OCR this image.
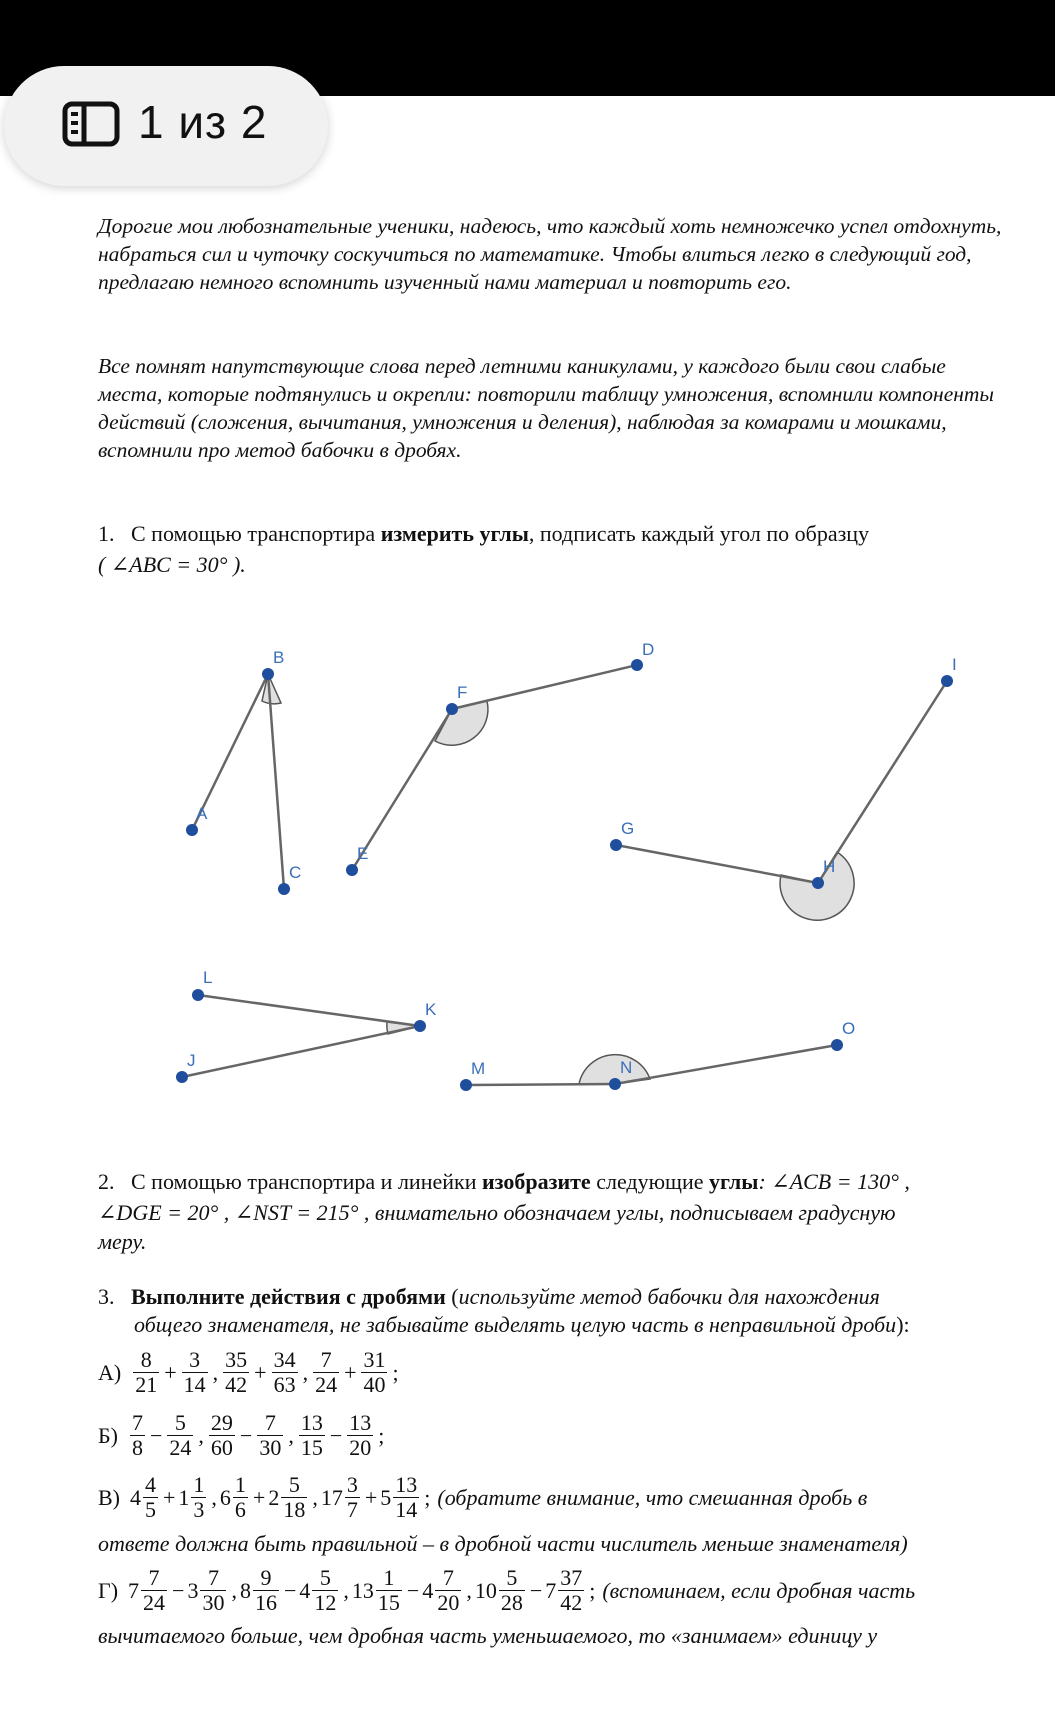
1 из 2
Дорогие мои любознательные ученики, надеюсь, что каждый хоть немножечко успел отдохнуть, набраться сил и чуточку соскучиться по математике. Чтобы влиться легко в следующий год, предлагаю немного вспомнить изученный нами материал и повторить его.
Все помнят напутствующие слова перед летними каникулами, у каждого были свои слабые места, которые подтянулись и окрепли: повторили таблицу умножения, вспомнили компоненты действий (сложения, вычитания, умножения и деления), наблюдая за комарами и мошками, вспомнили про метод бабочки в дробях.
1. С помощью транспортира измерить углы, подписать каждый угол по образцу
( ∠ABC = 30° ).
A
B
C
D
E
F
G
H
I
J
K
L
M	N
O
2. С помощью транспортира и линейки изобразите следующие углы: ∠ACB = 130° ,
∠DGE = 20° , ∠NST = 215° , внимательно обозначаем углы, подписываем градусную
меру.
3. Выполните действия с дробями (используйте метод бабочки для нахождения
общего знаменателя, не забывайте выделять целую часть в неправильной дроби):
$А) \frac{8}{21} + \frac{3}{14}$ , $\frac{35}{42} + \frac{34}{63}$ , $\frac{7}{24} + \frac{31}{40}$ ;
$Б) \frac{7}{8} - \frac{5}{24}$ , $\frac{29}{60} - \frac{7}{30}$ , $\frac{13}{15} - \frac{13}{20}$ ;
В) $4 \frac{4}{5} + 1 \frac{1}{3}$ , $6 \frac{1}{6} + 2 \frac{5}{18}$ , $17 \frac{3}{7} + 5 \frac{13}{14}$ ; (обратите внимание, что смешанная дробь в
ответе должна быть правильной – в дробной части числитель меньше знаменателя)
Г) $7 \frac{7}{24} - 3 \frac{7}{30}$ , $8 \frac{9}{16} - 4 \frac{5}{12}$ , $13 \frac{1}{15} - 4 \frac{7}{20}$ , $10 \frac{5}{28} - 7 \frac{37}{42}$ ; (вспоминаем, если дробная часть
вычитаемого больше, чем дробная часть уменьшаемого, то «занимаем» единицу у
